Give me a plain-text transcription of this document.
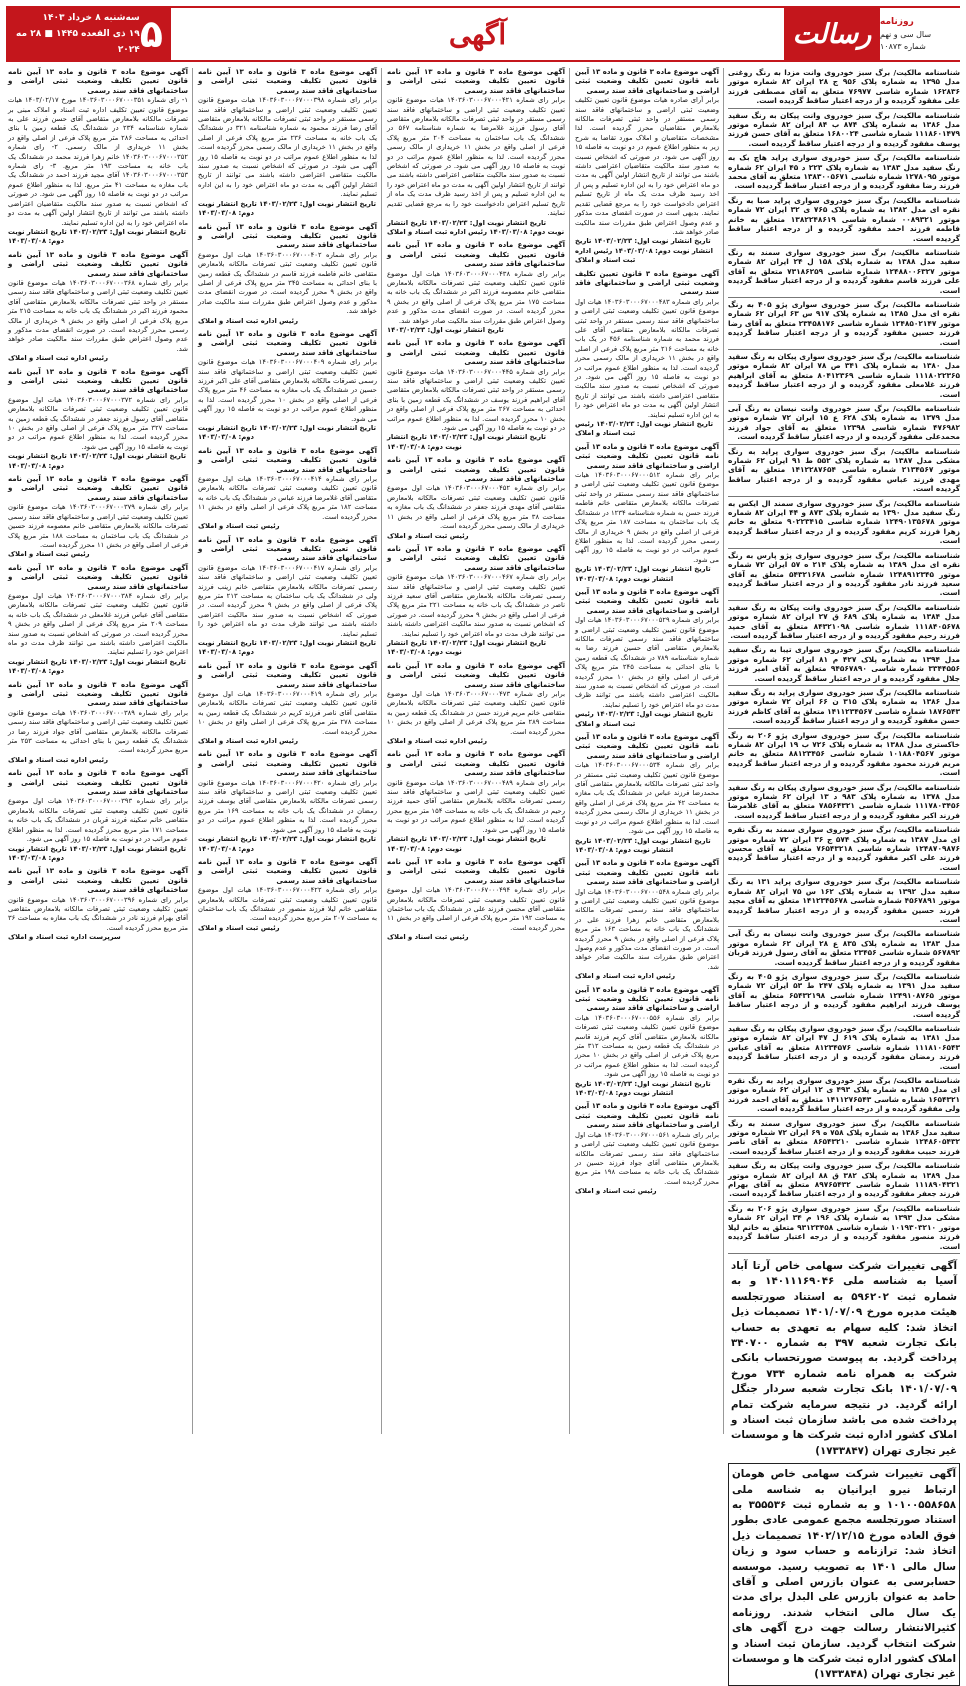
۵
سه‌شنبه ۸ خرداد ۱۴۰۳
۱۹ ذی القعده ۱۴۴۵ ■ ۲۸ مه ۲۰۲۴	آگهی	رسالت روزنامه
سال سی و نهم
شماره ۱۰۸۷۳
شناسنامه مالکیت/ برگ سبز خودروی وانت مزدا به رنگ روغنی مدل ۱۳۹۵ به شماره پلاک ۹۵۶ ج ۲۸ ایران ۸۲ شماره موتور ۱۶۲۸۳۶ شماره شاسی ۷۶۹۷۷ متعلق به آقای مصطفی فرزند علی مفقود گردیده و از درجه اعتبار ساقط گردیده است.
شناسنامه مالکیت/ برگ سبز خودروی وانت پیکان به رنگ سفید مدل ۱۳۸۶ به شماره پلاک ۸۷۴ ب ۸۴ ایران ۸۲ شماره موتور ۱۱۱۸۶۰۱۴۷۹ شماره شاسی ۱۶۸۰۰۲۴ متعلق به آقای حسن فرزند یوسف مفقود گردیده و از درجه اعتبار ساقط گردیده است.
شناسنامه مالکیت/ برگ سبز خودروی سواری پراید هاچ بک به رنگ سفید مدل ۱۳۸۳ به شماره پلاک ۲۲۳ د ۴۵ ایران ۶۲ شماره موتور ۱۲۷۸۰۹۵ شماره شاسی ۱۳۸۳۰۰۵۶۷۱ متعلق به آقای محمد فرزند رضا مفقود گردیده و از درجه اعتبار ساقط گردیده است.
شناسنامه مالکیت/ برگ سبز خودروی سواری پراید صبا به رنگ نقره ای مدل ۱۳۸۲ به شماره پلاک ۷۶۵ ی ۳۲ ایران ۷۲ شماره موتور ۰۰۸۹۳۲۱ شماره شاسی ۱۳۸۲۲۴۸۶۱۹ متعلق به خانم فاطمه فرزند احمد مفقود گردیده و از درجه اعتبار ساقط گردیده است.
شناسنامه مالکیت/ برگ سبز خودروی سواری سمند به رنگ سفید مدل ۱۳۸۸ به شماره پلاک ۱۵۸ ل ۲۴ ایران ۸۲ شماره موتور ۱۲۴۸۸۰۰۶۳۲۷ شماره شاسی ۷۳۱۸۶۲۵۹ متعلق به آقای علی فرزند قاسم مفقود گردیده و از درجه اعتبار ساقط گردیده است.
شناسنامه مالکیت/ برگ سبز خودروی سواری پژو ۴۰۵ به رنگ نقره ای مدل ۱۳۸۵ به شماره پلاک ۹۱۷ س ۶۳ ایران ۶۲ شماره موتور ۱۲۴۸۵۰۲۱۴۷ شماره شاسی ۲۳۴۵۸۱۷۶ متعلق به آقای رضا فرزند حسین مفقود گردیده و از درجه اعتبار ساقط گردیده است.
شناسنامه مالکیت/ برگ سبز خودروی سواری پیکان به رنگ سفید مدل ۱۳۸۰ به شماره پلاک ۳۴۱ ص ۷۸ ایران ۸۲ شماره موتور ۱۱۱۸۰۲۲۳۶۵ شماره شاسی ۸۰۴۱۲۳۶۹ متعلق به آقای ابراهیم فرزند غلامعلی مفقود گردیده و از درجه اعتبار ساقط گردیده است.
شناسنامه مالکیت/ برگ سبز خودروی وانت نیسان به رنگ آبی مدل ۱۳۷۹ به شماره پلاک ۶۲۸ ع ۱۵ ایران ۷۲ شماره موتور ۴۷۶۹۸۲ شماره شاسی ۱۲۳۹۸ متعلق به آقای جواد فرزند محمدعلی مفقود گردیده و از درجه اعتبار ساقط گردیده است.
شناسنامه مالکیت/ برگ سبز خودروی سواری پراید به رنگ مشکی مدل ۱۳۸۷ به شماره پلاک ۵۵۲ ط ۹۱ ایران ۶۲ شماره موتور ۲۱۳۴۵۶۷ شماره شاسی ۱۴۱۲۲۸۷۶۵۴ متعلق به آقای مهدی فرزند عباس مفقود گردیده و از درجه اعتبار ساقط گردیده است.
شناسنامه مالکیت/ برگ سبز خودروی سواری سمند ال ایکس به رنگ سفید مدل ۱۳۹۰ به شماره پلاک ۸۷۳ و ۴۴ ایران ۸۲ شماره موتور ۱۲۴۹۰۱۳۵۶۷۸ شماره شاسی ۹۰۲۲۳۴۱۵ متعلق به خانم زهرا فرزند کریم مفقود گردیده و از درجه اعتبار ساقط گردیده است.
شناسنامه مالکیت/ برگ سبز خودروی سواری پژو پارس به رنگ نقره ای مدل ۱۳۸۹ به شماره پلاک ۲۱۴ ه ۵۷ ایران ۷۲ شماره موتور ۱۲۴۸۹۱۲۳۴۵ شماره شاسی ۵۴۳۲۱۶۷۸ متعلق به آقای سعید فرزند نادر مفقود گردیده و از درجه اعتبار ساقط گردیده است.
شناسنامه مالکیت/ برگ سبز خودروی وانت پیکان به رنگ سفید مدل ۱۳۸۴ به شماره پلاک ۶۸۹ ق ۲۷ ایران ۸۲ شماره موتور ۱۱۱۸۴۰۵۶۷۸ شماره شاسی ۸۴۳۲۱۰۹۸ متعلق به آقای حمید فرزند رحیم مفقود گردیده و از درجه اعتبار ساقط گردیده است.
شناسنامه مالکیت/ برگ سبز خودروی سواری تیبا به رنگ سفید مدل ۱۳۹۴ به شماره پلاک ۴۲۷ م ۸۱ ایران ۶۲ شماره موتور ۳۳۴۴۵۵۶ شماره شاسی ۹۴۵۶۷۸۹۰ متعلق به آقای امیر فرزند جلال مفقود گردیده و از درجه اعتبار ساقط گردیده است.
شناسنامه مالکیت/ برگ سبز خودروی سواری پراید به رنگ سفید مدل ۱۳۸۶ به شماره پلاک ۳۱۵ ن ۶۶ ایران ۷۲ شماره موتور ۱۸۷۶۵۴۳ شماره شاسی ۱۴۱۱۲۳۴۵۶۷ متعلق به آقای کاظم فرزند حسن مفقود گردیده و از درجه اعتبار ساقط گردیده است.
شناسنامه مالکیت/ برگ سبز خودروی سواری پژو ۲۰۶ به رنگ خاکستری مدل ۱۳۸۸ به شماره پلاک ۷۲۶ ب ۱۹ ایران ۸۲ شماره موتور ۱۰۱۸۸۰۴۵۶۷ شماره شاسی ۸۸۱۲۳۴۵۶ متعلق به خانم مریم فرزند محمود مفقود گردیده و از درجه اعتبار ساقط گردیده است.
شناسنامه مالکیت/ برگ سبز خودروی سواری پیکان به رنگ سفید مدل ۱۳۷۸ به شماره پلاک ۹۸۳ د ۱۳ ایران ۶۲ شماره موتور ۱۱۱۷۸۰۳۴۵۶ شماره شاسی ۷۸۵۶۴۳۲۱ متعلق به آقای غلامرضا فرزند اکبر مفقود گردیده و از درجه اعتبار ساقط گردیده است.
شناسنامه مالکیت/ برگ سبز خودروی سواری سمند به رنگ نقره ای مدل ۱۳۸۷ به شماره پلاک ۵۷۴ ج ۳۶ ایران ۷۲ شماره موتور ۱۲۴۸۷۰۹۸۷۶ شماره شاسی ۷۶۵۴۳۲۱۸ متعلق به آقای محسن فرزند علی اکبر مفقود گردیده و از درجه اعتبار ساقط گردیده است.
شناسنامه مالکیت/ برگ سبز خودروی سواری پراید ۱۳۱ به رنگ سفید مدل ۱۳۹۲ به شماره پلاک ۱۶۲ س ۷۵ ایران ۸۲ شماره موتور ۴۵۶۷۸۹۱ شماره شاسی ۱۴۱۲۳۴۵۶۷۸ متعلق به آقای مجید فرزند حسین مفقود گردیده و از درجه اعتبار ساقط گردیده است.
شناسنامه مالکیت/ برگ سبز خودروی وانت نیسان به رنگ آبی مدل ۱۳۸۳ به شماره پلاک ۸۳۵ ع ۲۸ ایران ۶۲ شماره موتور ۵۶۷۸۹۲ شماره شاسی ۲۳۴۵۶ متعلق به آقای رسول فرزند قربان مفقود گردیده و از درجه اعتبار ساقط گردیده است.
شناسنامه مالکیت/ برگ سبز خودروی سواری پژو ۴۰۵ به رنگ سفید مدل ۱۳۹۱ به شماره پلاک ۲۴۷ ط ۵۳ ایران ۷۲ شماره موتور ۱۲۴۹۱۰۸۷۶۵ شماره شاسی ۶۵۴۳۲۱۹۸ متعلق به آقای یوسف فرزند ابراهیم مفقود گردیده و از درجه اعتبار ساقط گردیده است.
شناسنامه مالکیت/ برگ سبز خودروی سواری پیکان به رنگ سفید مدل ۱۳۸۱ به شماره پلاک ۶۱۹ ل ۴۷ ایران ۸۲ شماره موتور ۱۱۱۸۱۰۶۵۴۳ شماره شاسی ۸۱۲۳۴۵۷۶ متعلق به آقای عباس فرزند رمضان مفقود گردیده و از درجه اعتبار ساقط گردیده است.
شناسنامه مالکیت/ برگ سبز خودروی سواری پراید به رنگ نقره ای مدل ۱۳۸۵ به شماره پلاک ۴۹۳ ی ۱۲ ایران ۶۲ شماره موتور ۱۶۵۴۳۲۱ شماره شاسی ۱۴۱۱۲۷۶۵۴۳ متعلق به آقای احمد فرزند ولی مفقود گردیده و از درجه اعتبار ساقط گردیده است.
شناسنامه مالکیت/ برگ سبز خودروی سواری سمند به رنگ سفید مدل ۱۳۸۶ به شماره پلاک ۷۵۸ ه ۶۹ ایران ۷۲ شماره موتور ۱۲۴۸۶۰۵۴۳۲ شماره شاسی ۸۶۵۴۳۲۱۰ متعلق به آقای ناصر فرزند حبیب مفقود گردیده و از درجه اعتبار ساقط گردیده است.
شناسنامه مالکیت/ برگ سبز خودروی وانت پیکان به رنگ سفید مدل ۱۳۸۹ به شماره پلاک ۳۸۲ ق ۸۸ ایران ۸۲ شماره موتور ۱۱۱۸۹۰۴۳۲۱ شماره شاسی ۸۹۷۶۵۴۳۲ متعلق به آقای بهرام فرزند جعفر مفقود گردیده و از درجه اعتبار ساقط گردیده است.
شناسنامه مالکیت/ برگ سبز خودروی سواری پژو ۲۰۶ به رنگ مشکی مدل ۱۳۹۳ به شماره پلاک ۱۹۶ م ۳۴ ایران ۶۲ شماره موتور ۱۰۱۹۳۰۳۲۱۰ شماره شاسی ۹۳۱۲۳۴۵۸ متعلق به خانم لیلا فرزند منصور مفقود گردیده و از درجه اعتبار ساقط گردیده است.
آگهی تغییرات شرکت سهامی خاص آرتا آباد آسیا به شناسه ملی ۱۴۰۱۱۱۶۹۰۴۶ و به شماره ثبت ۵۹۶۲۰۲ به استناد صورتجلسه هیئت مدیره مورخ ۱۴۰۱/۰۷/۰۹ تصمیمات ذیل اتخاذ شد: کلیه سهام به تعهدی به حساب بانک تجارت شعبه ۳۹۷ به شماره ۳۴۰۷۰۰ پرداخت گردید. به پیوست صورتحساب بانکی شرکت به همراه نامه شماره ۷۳۴ مورخ ۱۴۰۱/۰۷/۰۹ بانک تجارت شعبه سردار جنگل ارائه گردید. در نتیجه سرمایه شرکت تمام پرداخت شده می باشد سازمان ثبت اسناد و املاک کشور اداره ثبت شرکت ها و موسسات غیر تجاری تهران (۱۷۳۳۸۴۷)
آگهی تغییرات شرکت سهامی خاص هومان ارتباط نیرو ایرانیان به شناسه ملی ۱۰۱۰۰۵۵۸۶۵۸ و به شماره ثبت ۳۵۵۵۳۶ به استناد صورتجلسه مجمع عمومی عادی بطور فوق العاده مورخ ۱۴۰۲/۱۲/۱۵ تصمیمات ذیل اتخاذ شد: ترازنامه و حساب سود و زیان سال مالی ۱۴۰۱ به تصویب رسید. موسسه حسابرسی به عنوان بازرس اصلی و آقای حامد به عنوان بازرس علی البدل برای مدت یک سال مالی انتخاب شدند. روزنامه کثیرالانتشار رسالت جهت درج آگهی های شرکت انتخاب گردید. سازمان ثبت اسناد و املاک کشور اداره ثبت شرکت ها و موسسات غیر تجاری تهران (۱۷۳۳۸۴۸)
آگهی موضوع ماده ۳ قانون و ماده ۱۳ آیین نامه قانون تعیین تکلیف وضعیت ثبتی اراضی و ساختمانهای فاقد سند رسمی
برابر آرای صادره هیات موضوع قانون تعیین تکلیف وضعیت ثبتی اراضی و ساختمانهای فاقد سند رسمی مستقر در واحد ثبتی تصرفات مالکانه بلامعارض متقاضیان محرز گردیده است. لذا مشخصات متقاضیان و املاک مورد تقاضا به شرح زیر به منظور اطلاع عموم در دو نوبت به فاصله ۱۵ روز آگهی می شود. در صورتی که اشخاص نسبت به صدور سند مالکیت متقاضیان اعتراضی داشته باشند می توانند از تاریخ انتشار اولین آگهی به مدت دو ماه اعتراض خود را به این اداره تسلیم و پس از اخذ رسید ظرف مدت یک ماه از تاریخ تسلیم اعتراض دادخواست خود را به مرجع قضایی تقدیم نمایند. بدیهی است در صورت انقضای مدت مذکور و عدم وصول اعتراض طبق مقررات سند مالکیت صادر خواهد شد.
تاریخ انتشار نوبت اول: ۱۴۰۳/۰۲/۲۳ تاریخ انتشار نوبت دوم: ۱۴۰۳/۰۳/۰۸ رئیس اداره ثبت اسناد و املاک
آگهی موضوع ماده ۳ قانون تعیین تکلیف وضعیت ثبتی اراضی و ساختمانهای فاقد سند رسمی
برابر رای شماره ۱۴۰۳۶۰۳۰۰۰۶۷۰۰۰۴۸۳ هیات اول موضوع قانون تعیین تکلیف وضعیت ثبتی اراضی و ساختمانهای فاقد سند رسمی مستقر در واحد ثبتی تصرفات مالکانه بلامعارض متقاضی آقای علی فرزند محمد به شماره شناسنامه ۴۵۶ در یک باب خانه به مساحت ۲۱۶ متر مربع پلاک فرعی از اصلی واقع در بخش ۱۱ خریداری از مالک رسمی محرز گردیده است. لذا به منظور اطلاع عموم مراتب در دو نوبت به فاصله ۱۵ روز آگهی می شود. در صورتی که اشخاص نسبت به صدور سند مالکیت متقاضی اعتراضی داشته باشند می توانند از تاریخ انتشار اولین آگهی به مدت دو ماه اعتراض خود را به این اداره تسلیم نمایند.
تاریخ انتشار نوبت اول: ۱۴۰۳/۰۲/۲۳ رئیس ثبت اسناد و املاک
آگهی موضوع ماده ۳ قانون و ماده ۱۳ آیین نامه قانون تعیین تکلیف وضعیت ثبتی اراضی و ساختمانهای فاقد سند رسمی
برابر رای شماره ۱۴۰۳۶۰۳۰۰۰۶۷۰۰۰۵۱۲ هیات موضوع قانون تعیین تکلیف وضعیت ثبتی اراضی و ساختمانهای فاقد سند رسمی مستقر در واحد ثبتی تصرفات مالکانه بلامعارض متقاضی خانم فاطمه فرزند حسن به شماره شناسنامه ۱۲۳۴ در ششدانگ یک باب ساختمان به مساحت ۱۸۷ متر مربع پلاک فرعی از اصلی واقع در بخش ۹ خریداری از مالک رسمی محرز گردیده است. لذا به منظور اطلاع عموم مراتب در دو نوبت به فاصله ۱۵ روز آگهی می شود.
تاریخ انتشار نوبت اول: ۱۴۰۳/۰۲/۲۳ تاریخ انتشار نوبت دوم: ۱۴۰۳/۰۳/۰۸
آگهی موضوع ماده ۳ قانون و ماده ۱۳ آیین نامه قانون تعیین تکلیف وضعیت ثبتی اراضی و ساختمانهای فاقد سند رسمی
برابر رای شماره ۱۴۰۳۶۰۳۰۰۰۶۷۰۰۰۵۲۹ هیات اول موضوع قانون تعیین تکلیف وضعیت ثبتی اراضی و ساختمانهای فاقد سند رسمی تصرفات مالکانه بلامعارض متقاضی آقای حسین فرزند رضا به شماره شناسنامه ۷۸۹ در ششدانگ یک قطعه زمین با بنای احداثی به مساحت ۲۴۵ متر مربع پلاک فرعی از اصلی واقع در بخش ۱۰ محرز گردیده است. در صورتی که اشخاص نسبت به صدور سند مالکیت اعتراضی داشته باشند می توانند ظرف مدت دو ماه اعتراض خود را تسلیم نمایند.
تاریخ انتشار نوبت اول: ۱۴۰۳/۰۲/۲۳ رئیس ثبت اسناد و املاک
آگهی موضوع ماده ۳ قانون و ماده ۱۳ آیین نامه قانون تعیین تکلیف وضعیت ثبتی اراضی و ساختمانهای فاقد سند رسمی
برابر رای شماره ۱۴۰۳۶۰۳۰۰۰۶۷۰۰۰۵۳۴ هیات موضوع قانون تعیین تکلیف وضعیت ثبتی مستقر در واحد ثبتی تصرفات مالکانه بلامعارض متقاضی آقای محمدرضا فرزند عباس در ششدانگ یک باب مغازه به مساحت ۴۲ متر مربع پلاک فرعی از اصلی واقع در بخش ۱۱ خریداری از مالک رسمی محرز گردیده است. لذا به منظور اطلاع عموم مراتب در دو نوبت به فاصله ۱۵ روز آگهی می شود.
تاریخ انتشار نوبت اول: ۱۴۰۳/۰۲/۲۳ تاریخ انتشار نوبت دوم: ۱۴۰۳/۰۳/۰۸
آگهی موضوع ماده ۳ قانون و ماده ۱۳ آیین نامه قانون تعیین تکلیف وضعیت ثبتی اراضی و ساختمانهای فاقد سند رسمی
برابر رای شماره ۱۴۰۳۶۰۳۰۰۰۶۷۰۰۰۵۴۸ هیات اول موضوع قانون تعیین تکلیف وضعیت ثبتی اراضی و ساختمانهای فاقد سند رسمی تصرفات مالکانه بلامعارض متقاضی خانم زهرا فرزند علی در ششدانگ یک باب خانه به مساحت ۱۶۳ متر مربع پلاک فرعی از اصلی واقع در بخش ۹ محرز گردیده است. در صورت انقضای مدت مذکور و عدم وصول اعتراض طبق مقررات سند مالکیت صادر خواهد شد.
رئیس اداره ثبت اسناد و املاک
آگهی موضوع ماده ۳ قانون و ماده ۱۳ آیین نامه قانون تعیین تکلیف وضعیت ثبتی اراضی و ساختمانهای فاقد سند رسمی
برابر رای شماره ۱۴۰۳۶۰۳۰۰۰۶۷۰۰۰۵۵۶ هیات موضوع قانون تعیین تکلیف وضعیت ثبتی تصرفات مالکانه بلامعارض متقاضی آقای کریم فرزند قاسم در ششدانگ یک قطعه زمین به مساحت ۳۱۲ متر مربع پلاک فرعی از اصلی واقع در بخش ۱۰ محرز گردیده است. لذا به منظور اطلاع عموم مراتب در دو نوبت به فاصله ۱۵ روز آگهی می شود.
تاریخ انتشار نوبت اول: ۱۴۰۳/۰۲/۲۳ تاریخ انتشار نوبت دوم: ۱۴۰۳/۰۳/۰۸
آگهی موضوع ماده ۳ قانون و ماده ۱۳ آیین نامه قانون تعیین تکلیف وضعیت ثبتی اراضی و ساختمانهای فاقد سند رسمی
برابر رای شماره ۱۴۰۳۶۰۳۰۰۰۶۷۰۰۰۵۶۱ هیات اول موضوع قانون تعیین تکلیف وضعیت ثبتی اراضی و ساختمانهای فاقد سند رسمی تصرفات مالکانه بلامعارض متقاضی آقای جواد فرزند حسین در ششدانگ یک باب خانه به مساحت ۱۹۸ متر مربع محرز گردیده است.
رئیس ثبت اسناد و املاک
آگهی موضوع ماده ۳ قانون و ماده ۱۳ آیین نامه قانون تعیین تکلیف وضعیت ثبتی اراضی و ساختمانهای فاقد سند رسمی
برابر رای شماره ۱۴۰۳۶۰۳۰۰۰۶۷۰۰۰۴۲۱ هیات موضوع قانون تعیین تکلیف وضعیت ثبتی اراضی و ساختمانهای فاقد سند رسمی مستقر در واحد ثبتی تصرفات مالکانه بلامعارض متقاضی آقای رسول فرزند غلامرضا به شماره شناسنامه ۵۶۷ در ششدانگ یک باب ساختمان به مساحت ۲۰۴ متر مربع پلاک فرعی از اصلی واقع در بخش ۱۱ خریداری از مالک رسمی محرز گردیده است. لذا به منظور اطلاع عموم مراتب در دو نوبت به فاصله ۱۵ روز آگهی می شود. در صورتی که اشخاص نسبت به صدور سند مالکیت متقاضی اعتراضی داشته باشند می توانند از تاریخ انتشار اولین آگهی به مدت دو ماه اعتراض خود را به این اداره تسلیم و پس از اخذ رسید ظرف مدت یک ماه از تاریخ تسلیم اعتراض دادخواست خود را به مرجع قضایی تقدیم نمایند.
تاریخ انتشار نوبت اول: ۱۴۰۳/۰۲/۲۳ تاریخ انتشار نوبت دوم: ۱۴۰۳/۰۳/۰۸ رئیس اداره ثبت اسناد و املاک
آگهی موضوع ماده ۳ قانون و ماده ۱۳ آیین نامه قانون تعیین تکلیف وضعیت ثبتی اراضی و ساختمانهای فاقد سند رسمی
برابر رای شماره ۱۴۰۳۶۰۳۰۰۰۶۷۰۰۰۴۳۸ هیات اول موضوع قانون تعیین تکلیف وضعیت ثبتی تصرفات مالکانه بلامعارض متقاضی خانم معصومه فرزند اکبر در ششدانگ یک باب خانه به مساحت ۱۷۵ متر مربع پلاک فرعی از اصلی واقع در بخش ۹ محرز گردیده است. در صورت انقضای مدت مذکور و عدم وصول اعتراض طبق مقررات سند مالکیت صادر خواهد شد.
تاریخ انتشار نوبت اول: ۱۴۰۳/۰۲/۲۳
آگهی موضوع ماده ۳ قانون و ماده ۱۳ آیین نامه قانون تعیین تکلیف وضعیت ثبتی اراضی و ساختمانهای فاقد سند رسمی
برابر رای شماره ۱۴۰۳۶۰۳۰۰۰۶۷۰۰۰۴۴۵ هیات موضوع قانون تعیین تکلیف وضعیت ثبتی اراضی و ساختمانهای فاقد سند رسمی مستقر در واحد ثبتی تصرفات مالکانه بلامعارض متقاضی آقای ابراهیم فرزند یوسف در ششدانگ یک قطعه زمین با بنای احداثی به مساحت ۲۶۷ متر مربع پلاک فرعی از اصلی واقع در بخش ۱۰ محرز گردیده است. لذا به منظور اطلاع عموم مراتب در دو نوبت به فاصله ۱۵ روز آگهی می شود.
تاریخ انتشار نوبت اول: ۱۴۰۳/۰۲/۲۳ تاریخ انتشار نوبت دوم: ۱۴۰۳/۰۳/۰۸
آگهی موضوع ماده ۳ قانون و ماده ۱۳ آیین نامه قانون تعیین تکلیف وضعیت ثبتی اراضی و ساختمانهای فاقد سند رسمی
برابر رای شماره ۱۴۰۳۶۰۳۰۰۰۶۷۰۰۰۴۵۲ هیات اول موضوع قانون تعیین تکلیف وضعیت ثبتی تصرفات مالکانه بلامعارض متقاضی آقای مهدی فرزند جعفر در ششدانگ یک باب مغازه به مساحت ۳۸ متر مربع پلاک فرعی از اصلی واقع در بخش ۱۱ خریداری از مالک رسمی محرز گردیده است.
رئیس ثبت اسناد و املاک
آگهی موضوع ماده ۳ قانون و ماده ۱۳ آیین نامه قانون تعیین تکلیف وضعیت ثبتی اراضی و ساختمانهای فاقد سند رسمی
برابر رای شماره ۱۴۰۳۶۰۳۰۰۰۶۷۰۰۰۴۶۷ هیات موضوع قانون تعیین تکلیف وضعیت ثبتی اراضی و ساختمانهای فاقد سند رسمی تصرفات مالکانه بلامعارض متقاضی آقای سعید فرزند ناصر در ششدانگ یک باب خانه به مساحت ۲۲۱ متر مربع پلاک فرعی از اصلی واقع در بخش ۹ محرز گردیده است. در صورتی که اشخاص نسبت به صدور سند مالکیت اعتراضی داشته باشند می توانند ظرف مدت دو ماه اعتراض خود را تسلیم نمایند.
تاریخ انتشار نوبت اول: ۱۴۰۳/۰۲/۲۳ تاریخ انتشار نوبت دوم: ۱۴۰۳/۰۳/۰۸
آگهی موضوع ماده ۳ قانون و ماده ۱۳ آیین نامه قانون تعیین تکلیف وضعیت ثبتی اراضی و ساختمانهای فاقد سند رسمی
برابر رای شماره ۱۴۰۳۶۰۳۰۰۰۶۷۰۰۰۴۷۳ هیات اول موضوع قانون تعیین تکلیف وضعیت ثبتی تصرفات مالکانه بلامعارض متقاضی خانم مریم فرزند حسن در ششدانگ یک قطعه زمین به مساحت ۲۸۹ متر مربع پلاک فرعی از اصلی واقع در بخش ۱۰ محرز گردیده است.
رئیس اداره ثبت اسناد و املاک
آگهی موضوع ماده ۳ قانون و ماده ۱۳ آیین نامه قانون تعیین تکلیف وضعیت ثبتی اراضی و ساختمانهای فاقد سند رسمی
برابر رای شماره ۱۴۰۳۶۰۳۰۰۰۶۷۰۰۰۴۸۹ هیات موضوع قانون تعیین تکلیف وضعیت ثبتی اراضی و ساختمانهای فاقد سند رسمی تصرفات مالکانه بلامعارض متقاضی آقای حمید فرزند رحیم در ششدانگ یک باب خانه به مساحت ۱۵۴ متر مربع محرز گردیده است. لذا به منظور اطلاع عموم مراتب در دو نوبت به فاصله ۱۵ روز آگهی می شود.
تاریخ انتشار نوبت اول: ۱۴۰۳/۰۲/۲۳ تاریخ انتشار نوبت دوم: ۱۴۰۳/۰۳/۰۸
آگهی موضوع ماده ۳ قانون و ماده ۱۳ آیین نامه قانون تعیین تکلیف وضعیت ثبتی اراضی و ساختمانهای فاقد سند رسمی
برابر رای شماره ۱۴۰۳۶۰۳۰۰۰۶۷۰۰۰۴۹۴ هیات اول موضوع قانون تعیین تکلیف وضعیت ثبتی تصرفات مالکانه بلامعارض متقاضی آقای محسن فرزند علی در ششدانگ یک باب ساختمان به مساحت ۱۹۲ متر مربع پلاک فرعی از اصلی واقع در بخش ۱۱ محرز گردیده است.
رئیس ثبت اسناد و املاک
آگهی موضوع ماده ۳ قانون و ماده ۱۳ آیین نامه قانون تعیین تکلیف وضعیت ثبتی اراضی و ساختمانهای فاقد سند رسمی
برابر رای شماره ۱۴۰۳۶۰۳۰۰۰۶۷۰۰۰۳۹۸ هیات موضوع قانون تعیین تکلیف وضعیت ثبتی اراضی و ساختمانهای فاقد سند رسمی مستقر در واحد ثبتی تصرفات مالکانه بلامعارض متقاضی آقای رضا فرزند محمود به شماره شناسنامه ۳۲۱ در ششدانگ یک باب خانه به مساحت ۲۳۶ متر مربع پلاک فرعی از اصلی واقع در بخش ۱۱ خریداری از مالک رسمی محرز گردیده است. لذا به منظور اطلاع عموم مراتب در دو نوبت به فاصله ۱۵ روز آگهی می شود. در صورتی که اشخاص نسبت به صدور سند مالکیت متقاضی اعتراضی داشته باشند می توانند از تاریخ انتشار اولین آگهی به مدت دو ماه اعتراض خود را به این اداره تسلیم نمایند.
تاریخ انتشار نوبت اول: ۱۴۰۳/۰۲/۲۳ تاریخ انتشار نوبت دوم: ۱۴۰۳/۰۳/۰۸
آگهی موضوع ماده ۳ قانون و ماده ۱۳ آیین نامه قانون تعیین تکلیف وضعیت ثبتی اراضی و ساختمانهای فاقد سند رسمی
برابر رای شماره ۱۴۰۳۶۰۳۰۰۰۶۷۰۰۰۴۰۲ هیات اول موضوع قانون تعیین تکلیف وضعیت ثبتی تصرفات مالکانه بلامعارض متقاضی خانم فاطمه فرزند قاسم در ششدانگ یک قطعه زمین با بنای احداثی به مساحت ۳۴۵ متر مربع پلاک فرعی از اصلی واقع در بخش ۹ محرز گردیده است. در صورت انقضای مدت مذکور و عدم وصول اعتراض طبق مقررات سند مالکیت صادر خواهد شد.
رئیس اداره ثبت اسناد و املاک
آگهی موضوع ماده ۳ قانون و ماده ۱۳ آیین نامه قانون تعیین تکلیف وضعیت ثبتی اراضی و ساختمانهای فاقد سند رسمی
برابر رای شماره ۱۴۰۳۶۰۳۰۰۰۶۷۰۰۰۴۰۹ هیات موضوع قانون تعیین تکلیف وضعیت ثبتی اراضی و ساختمانهای فاقد سند رسمی تصرفات مالکانه بلامعارض متقاضی آقای علی اکبر فرزند حسین در ششدانگ یک باب مغازه به مساحت ۴۶ متر مربع پلاک فرعی از اصلی واقع در بخش ۱۰ محرز گردیده است. لذا به منظور اطلاع عموم مراتب در دو نوبت به فاصله ۱۵ روز آگهی می شود.
تاریخ انتشار نوبت اول: ۱۴۰۳/۰۲/۲۳ تاریخ انتشار نوبت دوم: ۱۴۰۳/۰۳/۰۸
آگهی موضوع ماده ۳ قانون و ماده ۱۳ آیین نامه قانون تعیین تکلیف وضعیت ثبتی اراضی و ساختمانهای فاقد سند رسمی
برابر رای شماره ۱۴۰۳۶۰۳۰۰۰۶۷۰۰۰۴۱۴ هیات اول موضوع قانون تعیین تکلیف وضعیت ثبتی تصرفات مالکانه بلامعارض متقاضی آقای غلامرضا فرزند عباس در ششدانگ یک باب خانه به مساحت ۱۸۲ متر مربع پلاک فرعی از اصلی واقع در بخش ۱۱ محرز گردیده است.
رئیس ثبت اسناد و املاک
آگهی موضوع ماده ۳ قانون و ماده ۱۳ آیین نامه قانون تعیین تکلیف وضعیت ثبتی اراضی و ساختمانهای فاقد سند رسمی
برابر رای شماره ۱۴۰۳۶۰۳۰۰۰۶۷۰۰۰۴۱۷ هیات موضوع قانون تعیین تکلیف وضعیت ثبتی اراضی و ساختمانهای فاقد سند رسمی تصرفات مالکانه بلامعارض متقاضی خانم زینب فرزند ولی در ششدانگ یک باب ساختمان به مساحت ۲۱۳ متر مربع پلاک فرعی از اصلی واقع در بخش ۹ محرز گردیده است. در صورتی که اشخاص نسبت به صدور سند مالکیت اعتراضی داشته باشند می توانند ظرف مدت دو ماه اعتراض خود را تسلیم نمایند.
تاریخ انتشار نوبت اول: ۱۴۰۳/۰۲/۲۳ تاریخ انتشار نوبت دوم: ۱۴۰۳/۰۳/۰۸
آگهی موضوع ماده ۳ قانون و ماده ۱۳ آیین نامه قانون تعیین تکلیف وضعیت ثبتی اراضی و ساختمانهای فاقد سند رسمی
برابر رای شماره ۱۴۰۳۶۰۳۰۰۰۶۷۰۰۰۴۱۹ هیات اول موضوع قانون تعیین تکلیف وضعیت ثبتی تصرفات مالکانه بلامعارض متقاضی آقای ناصر فرزند کریم در ششدانگ یک قطعه زمین به مساحت ۲۷۸ متر مربع پلاک فرعی از اصلی واقع در بخش ۱۰ محرز گردیده است.
رئیس اداره ثبت اسناد و املاک
آگهی موضوع ماده ۳ قانون و ماده ۱۳ آیین نامه قانون تعیین تکلیف وضعیت ثبتی اراضی و ساختمانهای فاقد سند رسمی
برابر رای شماره ۱۴۰۳۶۰۳۰۰۰۶۷۰۰۰۴۲۰ هیات موضوع قانون تعیین تکلیف وضعیت ثبتی اراضی و ساختمانهای فاقد سند رسمی تصرفات مالکانه بلامعارض متقاضی آقای یوسف فرزند رمضان در ششدانگ یک باب خانه به مساحت ۱۶۹ متر مربع محرز گردیده است. لذا به منظور اطلاع عموم مراتب در دو نوبت به فاصله ۱۵ روز آگهی می شود.
تاریخ انتشار نوبت اول: ۱۴۰۳/۰۲/۲۳ تاریخ انتشار نوبت دوم: ۱۴۰۳/۰۳/۰۸
آگهی موضوع ماده ۳ قانون و ماده ۱۳ آیین نامه قانون تعیین تکلیف وضعیت ثبتی اراضی و ساختمانهای فاقد سند رسمی
برابر رای شماره ۱۴۰۳۶۰۳۰۰۰۶۷۰۰۰۴۲۲ هیات اول موضوع قانون تعیین تکلیف وضعیت ثبتی تصرفات مالکانه بلامعارض متقاضی خانم لیلا فرزند منصور در ششدانگ یک باب ساختمان به مساحت ۲۰۷ متر مربع محرز گردیده است.
رئیس ثبت اسناد و املاک
آگهی موضوع ماده ۳ قانون و ماده ۱۳ آیین نامه قانون تعیین تکلیف وضعیت ثبتی اراضی و ساختمانهای فاقد سند رسمی
۱- رای شماره ۱۴۰۳۶۰۳۰۰۰۶۷۰۰۰۳۵۱ مورخ ۱۴۰۳/۰۲/۱۷ هیات موضوع قانون تعیین تکلیف اداره ثبت اسناد و املاک مبنی بر تصرفات مالکانه بلامعارض متقاضی آقای حسن فرزند علی به شماره شناسنامه ۲۳۴ در ششدانگ یک قطعه زمین با بنای احداثی به مساحت ۲۸۶ متر مربع پلاک فرعی از اصلی واقع در بخش ۱۱ خریداری از مالک رسمی. ۲- رای شماره ۱۴۰۳۶۰۳۰۰۰۶۷۰۰۰۳۵۲ خانم زهرا فرزند محمد در ششدانگ یک باب خانه به مساحت ۱۹۳ متر مربع. ۳- رای شماره ۱۴۰۳۶۰۳۰۰۰۶۷۰۰۰۳۵۳ آقای مجید فرزند احمد در ششدانگ یک باب مغازه به مساحت ۴۱ متر مربع. لذا به منظور اطلاع عموم مراتب در دو نوبت به فاصله ۱۵ روز آگهی می شود. در صورتی که اشخاص نسبت به صدور سند مالکیت متقاضیان اعتراضی داشته باشند می توانند از تاریخ انتشار اولین آگهی به مدت دو ماه اعتراض خود را به این اداره تسلیم نمایند.
تاریخ انتشار نوبت اول: ۱۴۰۳/۰۲/۲۳ تاریخ انتشار نوبت دوم: ۱۴۰۳/۰۳/۰۸
آگهی موضوع ماده ۳ قانون و ماده ۱۳ آیین نامه قانون تعیین تکلیف وضعیت ثبتی اراضی و ساختمانهای فاقد سند رسمی
برابر رای شماره ۱۴۰۳۶۰۳۰۰۰۶۷۰۰۰۳۶۸ هیات موضوع قانون تعیین تکلیف وضعیت ثبتی اراضی و ساختمانهای فاقد سند رسمی مستقر در واحد ثبتی تصرفات مالکانه بلامعارض متقاضی آقای محمود فرزند اکبر در ششدانگ یک باب خانه به مساحت ۲۱۵ متر مربع پلاک فرعی از اصلی واقع در بخش ۹ خریداری از مالک رسمی محرز گردیده است. در صورت انقضای مدت مذکور و عدم وصول اعتراض طبق مقررات سند مالکیت صادر خواهد شد.
رئیس اداره ثبت اسناد و املاک
آگهی موضوع ماده ۳ قانون و ماده ۱۳ آیین نامه قانون تعیین تکلیف وضعیت ثبتی اراضی و ساختمانهای فاقد سند رسمی
برابر رای شماره ۱۴۰۳۶۰۳۰۰۰۶۷۰۰۰۳۷۲ هیات اول موضوع قانون تعیین تکلیف وضعیت ثبتی تصرفات مالکانه بلامعارض متقاضی آقای رسول فرزند جعفر در ششدانگ یک قطعه زمین به مساحت ۳۲۷ متر مربع پلاک فرعی از اصلی واقع در بخش ۱۰ محرز گردیده است. لذا به منظور اطلاع عموم مراتب در دو نوبت به فاصله ۱۵ روز آگهی می شود.
تاریخ انتشار نوبت اول: ۱۴۰۳/۰۲/۲۳ تاریخ انتشار نوبت دوم: ۱۴۰۳/۰۳/۰۸
آگهی موضوع ماده ۳ قانون و ماده ۱۳ آیین نامه قانون تعیین تکلیف وضعیت ثبتی اراضی و ساختمانهای فاقد سند رسمی
برابر رای شماره ۱۴۰۳۶۰۳۰۰۰۶۷۰۰۰۳۷۹ هیات موضوع قانون تعیین تکلیف وضعیت ثبتی اراضی و ساختمانهای فاقد سند رسمی تصرفات مالکانه بلامعارض متقاضی خانم معصومه فرزند حسین در ششدانگ یک باب ساختمان به مساحت ۱۸۸ متر مربع پلاک فرعی از اصلی واقع در بخش ۱۱ محرز گردیده است.
رئیس ثبت اسناد و املاک
آگهی موضوع ماده ۳ قانون و ماده ۱۳ آیین نامه قانون تعیین تکلیف وضعیت ثبتی اراضی و ساختمانهای فاقد سند رسمی
برابر رای شماره ۱۴۰۳۶۰۳۰۰۰۶۷۰۰۰۳۸۴ هیات اول موضوع قانون تعیین تکلیف وضعیت ثبتی تصرفات مالکانه بلامعارض متقاضی آقای عباس فرزند غلامعلی در ششدانگ یک باب خانه به مساحت ۲۰۹ متر مربع پلاک فرعی از اصلی واقع در بخش ۹ محرز گردیده است. در صورتی که اشخاص نسبت به صدور سند مالکیت اعتراضی داشته باشند می توانند ظرف مدت دو ماه اعتراض خود را تسلیم نمایند.
تاریخ انتشار نوبت اول: ۱۴۰۳/۰۲/۲۳ تاریخ انتشار نوبت دوم: ۱۴۰۳/۰۳/۰۸
آگهی موضوع ماده ۳ قانون و ماده ۱۳ آیین نامه قانون تعیین تکلیف وضعیت ثبتی اراضی و ساختمانهای فاقد سند رسمی
برابر رای شماره ۱۴۰۳۶۰۳۰۰۰۶۷۰۰۰۳۸۹ هیات موضوع قانون تعیین تکلیف وضعیت ثبتی اراضی و ساختمانهای فاقد سند رسمی تصرفات مالکانه بلامعارض متقاضی آقای جواد فرزند رضا در ششدانگ یک قطعه زمین با بنای احداثی به مساحت ۲۵۳ متر مربع محرز گردیده است.
رئیس اداره ثبت اسناد و املاک
آگهی موضوع ماده ۳ قانون و ماده ۱۳ آیین نامه قانون تعیین تکلیف وضعیت ثبتی اراضی و ساختمانهای فاقد سند رسمی
برابر رای شماره ۱۴۰۳۶۰۳۰۰۰۶۷۰۰۰۳۹۳ هیات اول موضوع قانون تعیین تکلیف وضعیت ثبتی تصرفات مالکانه بلامعارض متقاضی خانم سکینه فرزند قربان در ششدانگ یک باب خانه به مساحت ۱۷۱ متر مربع محرز گردیده است. لذا به منظور اطلاع عموم مراتب در دو نوبت به فاصله ۱۵ روز آگهی می شود.
تاریخ انتشار نوبت اول: ۱۴۰۳/۰۲/۲۳ تاریخ انتشار نوبت دوم: ۱۴۰۳/۰۳/۰۸
آگهی موضوع ماده ۳ قانون و ماده ۱۳ آیین نامه قانون تعیین تکلیف وضعیت ثبتی اراضی و ساختمانهای فاقد سند رسمی
برابر رای شماره ۱۴۰۳۶۰۳۰۰۰۶۷۰۰۰۳۹۶ هیات موضوع قانون تعیین تکلیف وضعیت ثبتی تصرفات مالکانه بلامعارض متقاضی آقای بهرام فرزند نادر در ششدانگ یک باب مغازه به مساحت ۳۶ متر مربع محرز گردیده است.
سرپرست اداره ثبت اسناد و املاک
